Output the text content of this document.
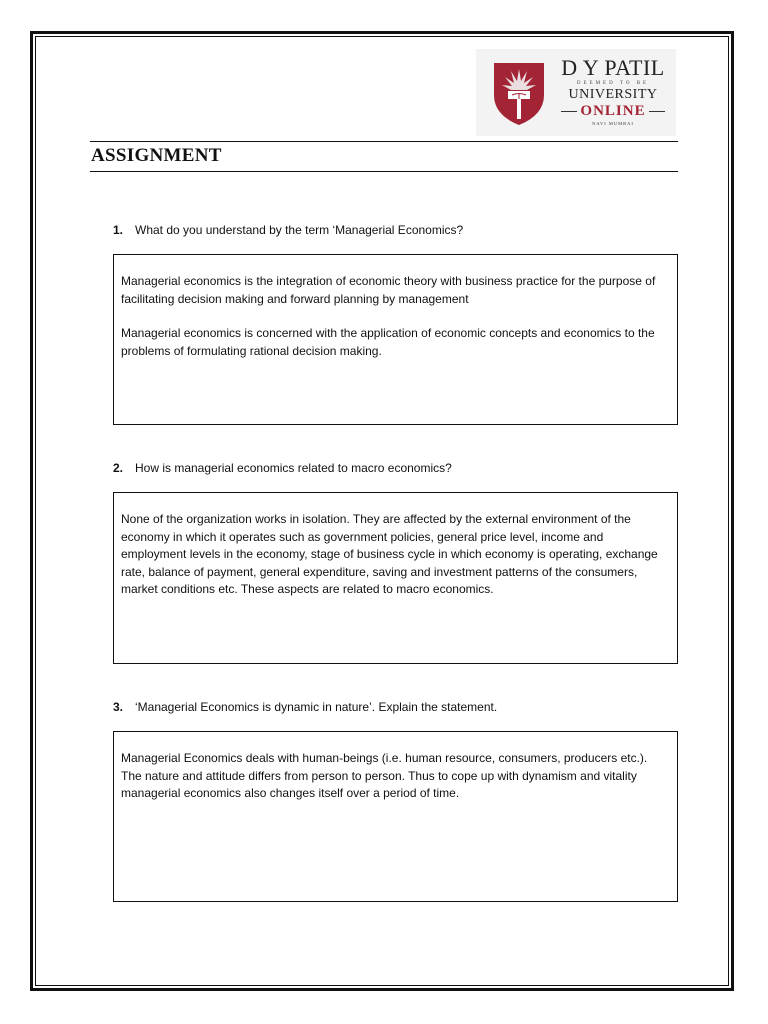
D Y PATIL
DEEMED TO BE
UNIVERSITY
ONLINE
NAVI MUMBAI
ASSIGNMENT
1. What do you understand by the term ‘Managerial Economics?

Managerial economics is the integration of economic theory with business practice for the purpose of facilitating decision making and forward planning by management

Managerial economics is concerned with the application of economic concepts and economics to the problems of formulating rational decision making.

2. How is managerial economics related to macro economics?

None of the organization works in isolation. They are affected by the external environment of the economy in which it operates such as government policies, general price level, income and employment levels in the economy, stage of business cycle in which economy is operating, exchange rate, balance of payment, general expenditure, saving and investment patterns of the consumers, market conditions etc. These aspects are related to macro economics.

3. ‘Managerial Economics is dynamic in nature’. Explain the statement.

Managerial Economics deals with human-beings (i.e. human resource, consumers, producers etc.). The nature and attitude differs from person to person. Thus to cope up with dynamism and vitality managerial economics also changes itself over a period of time.
